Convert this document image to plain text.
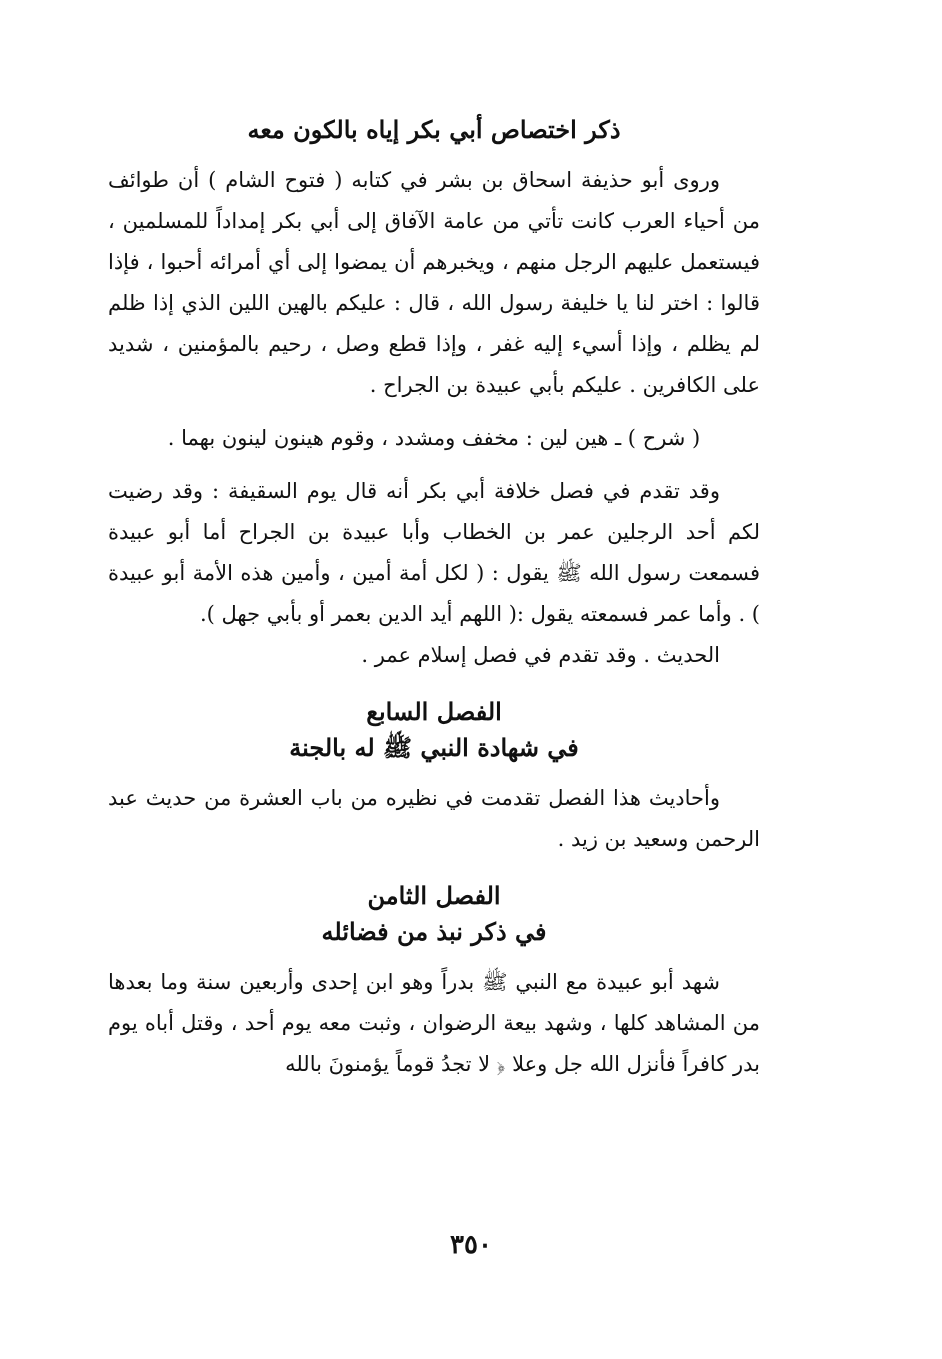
ذكر اختصاص أبي بكر إياه بالكون معه

وروى أبو حذيفة اسحاق بن بشر في كتابه ( فتوح الشام ) أن طوائف من أحياء العرب كانت تأتي من عامة الآفاق إلى أبي بكر إمداداً للمسلمين ، فيستعمل عليهم الرجل منهم ، ويخبرهم أن يمضوا إلى أي أمرائه أحبوا ، فإذا قالوا : اختر لنا يا خليفة رسول الله ، قال : عليكم بالهين اللين الذي إذا ظلم لم يظلم ، وإذا أسيء إليه غفر ، وإذا قطع وصل ، رحيم بالمؤمنين ، شديد على الكافرين . عليكم بأبي عبيدة بن الجراح .

( شرح ) ـ هين لين : مخفف ومشدد ، وقوم هينون لينون بهما .

وقد تقدم في فصل خلافة أبي بكر أنه قال يوم السقيفة : وقد رضيت لكم أحد الرجلين عمر بن الخطاب وأبا عبيدة بن الجراح أما أبو عبيدة فسمعت رسول الله ﷺ يقول : ( لكل أمة أمين ، وأمين هذه الأمة أبو عبيدة ) . وأما عمر فسمعته يقول :( اللهم أيد الدين بعمر أو بأبي جهل ).

الحديث . وقد تقدم في فصل إسلام عمر .

الفصل السابع
في شهادة النبي ﷺ له بالجنة

وأحاديث هذا الفصل تقدمت في نظيره من باب العشرة من حديث عبد الرحمن وسعيد بن زيد .

الفصل الثامن
في ذكر نبذ من فضائله

شهد أبو عبيدة مع النبي ﷺ بدراً وهو ابن إحدى وأربعين سنة وما بعدها من المشاهد كلها ، وشهد بيعة الرضوان ، وثبت معه يوم أحد ، وقتل أباه يوم بدر كافراً فأنزل الله جل وعلا ﴿ لا تجدُ قوماً يؤمنونَ بالله

٣٥٠
